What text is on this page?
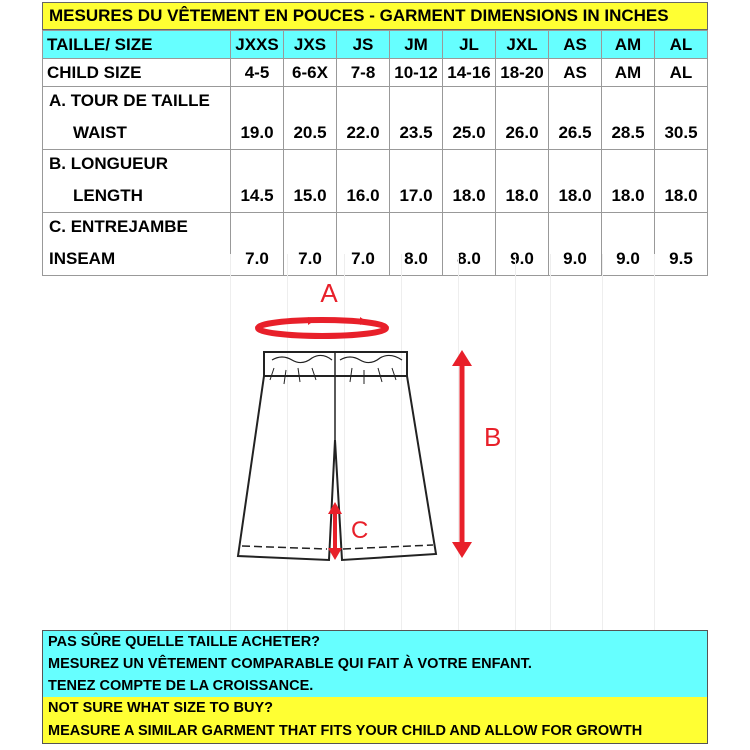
MESURES DU VÊTEMENT EN POUCES - GARMENT DIMENSIONS IN INCHES
TAILLE/ SIZE	JXXS	JXS	JS	JM	JL	JXL	AS	AM	AL
CHILD SIZE	4-5	6-6X	7-8	10-12	14-16	18-20	AS	AM	AL

A. TOUR DE TAILLE
WAIST	19.0	20.5	22.0	23.5	25.0	26.0	26.5	28.5	30.5

B. LONGUEUR
LENGTH	14.5	15.0	16.0	17.0	18.0	18.0	18.0	18.0	18.0

C. ENTREJAMBE
INSEAM	7.0	7.0	7.0	8.0	8.0	9.0	9.0	9.0	9.5
A
B
C
PAS SÛRE QUELLE TAILLE ACHETER?
MESUREZ UN VÊTEMENT COMPARABLE QUI FAIT À VOTRE ENFANT.
TENEZ COMPTE DE LA CROISSANCE.
NOT SURE WHAT SIZE TO BUY?
MEASURE A SIMILAR GARMENT THAT FITS YOUR CHILD AND ALLOW FOR GROWTH
